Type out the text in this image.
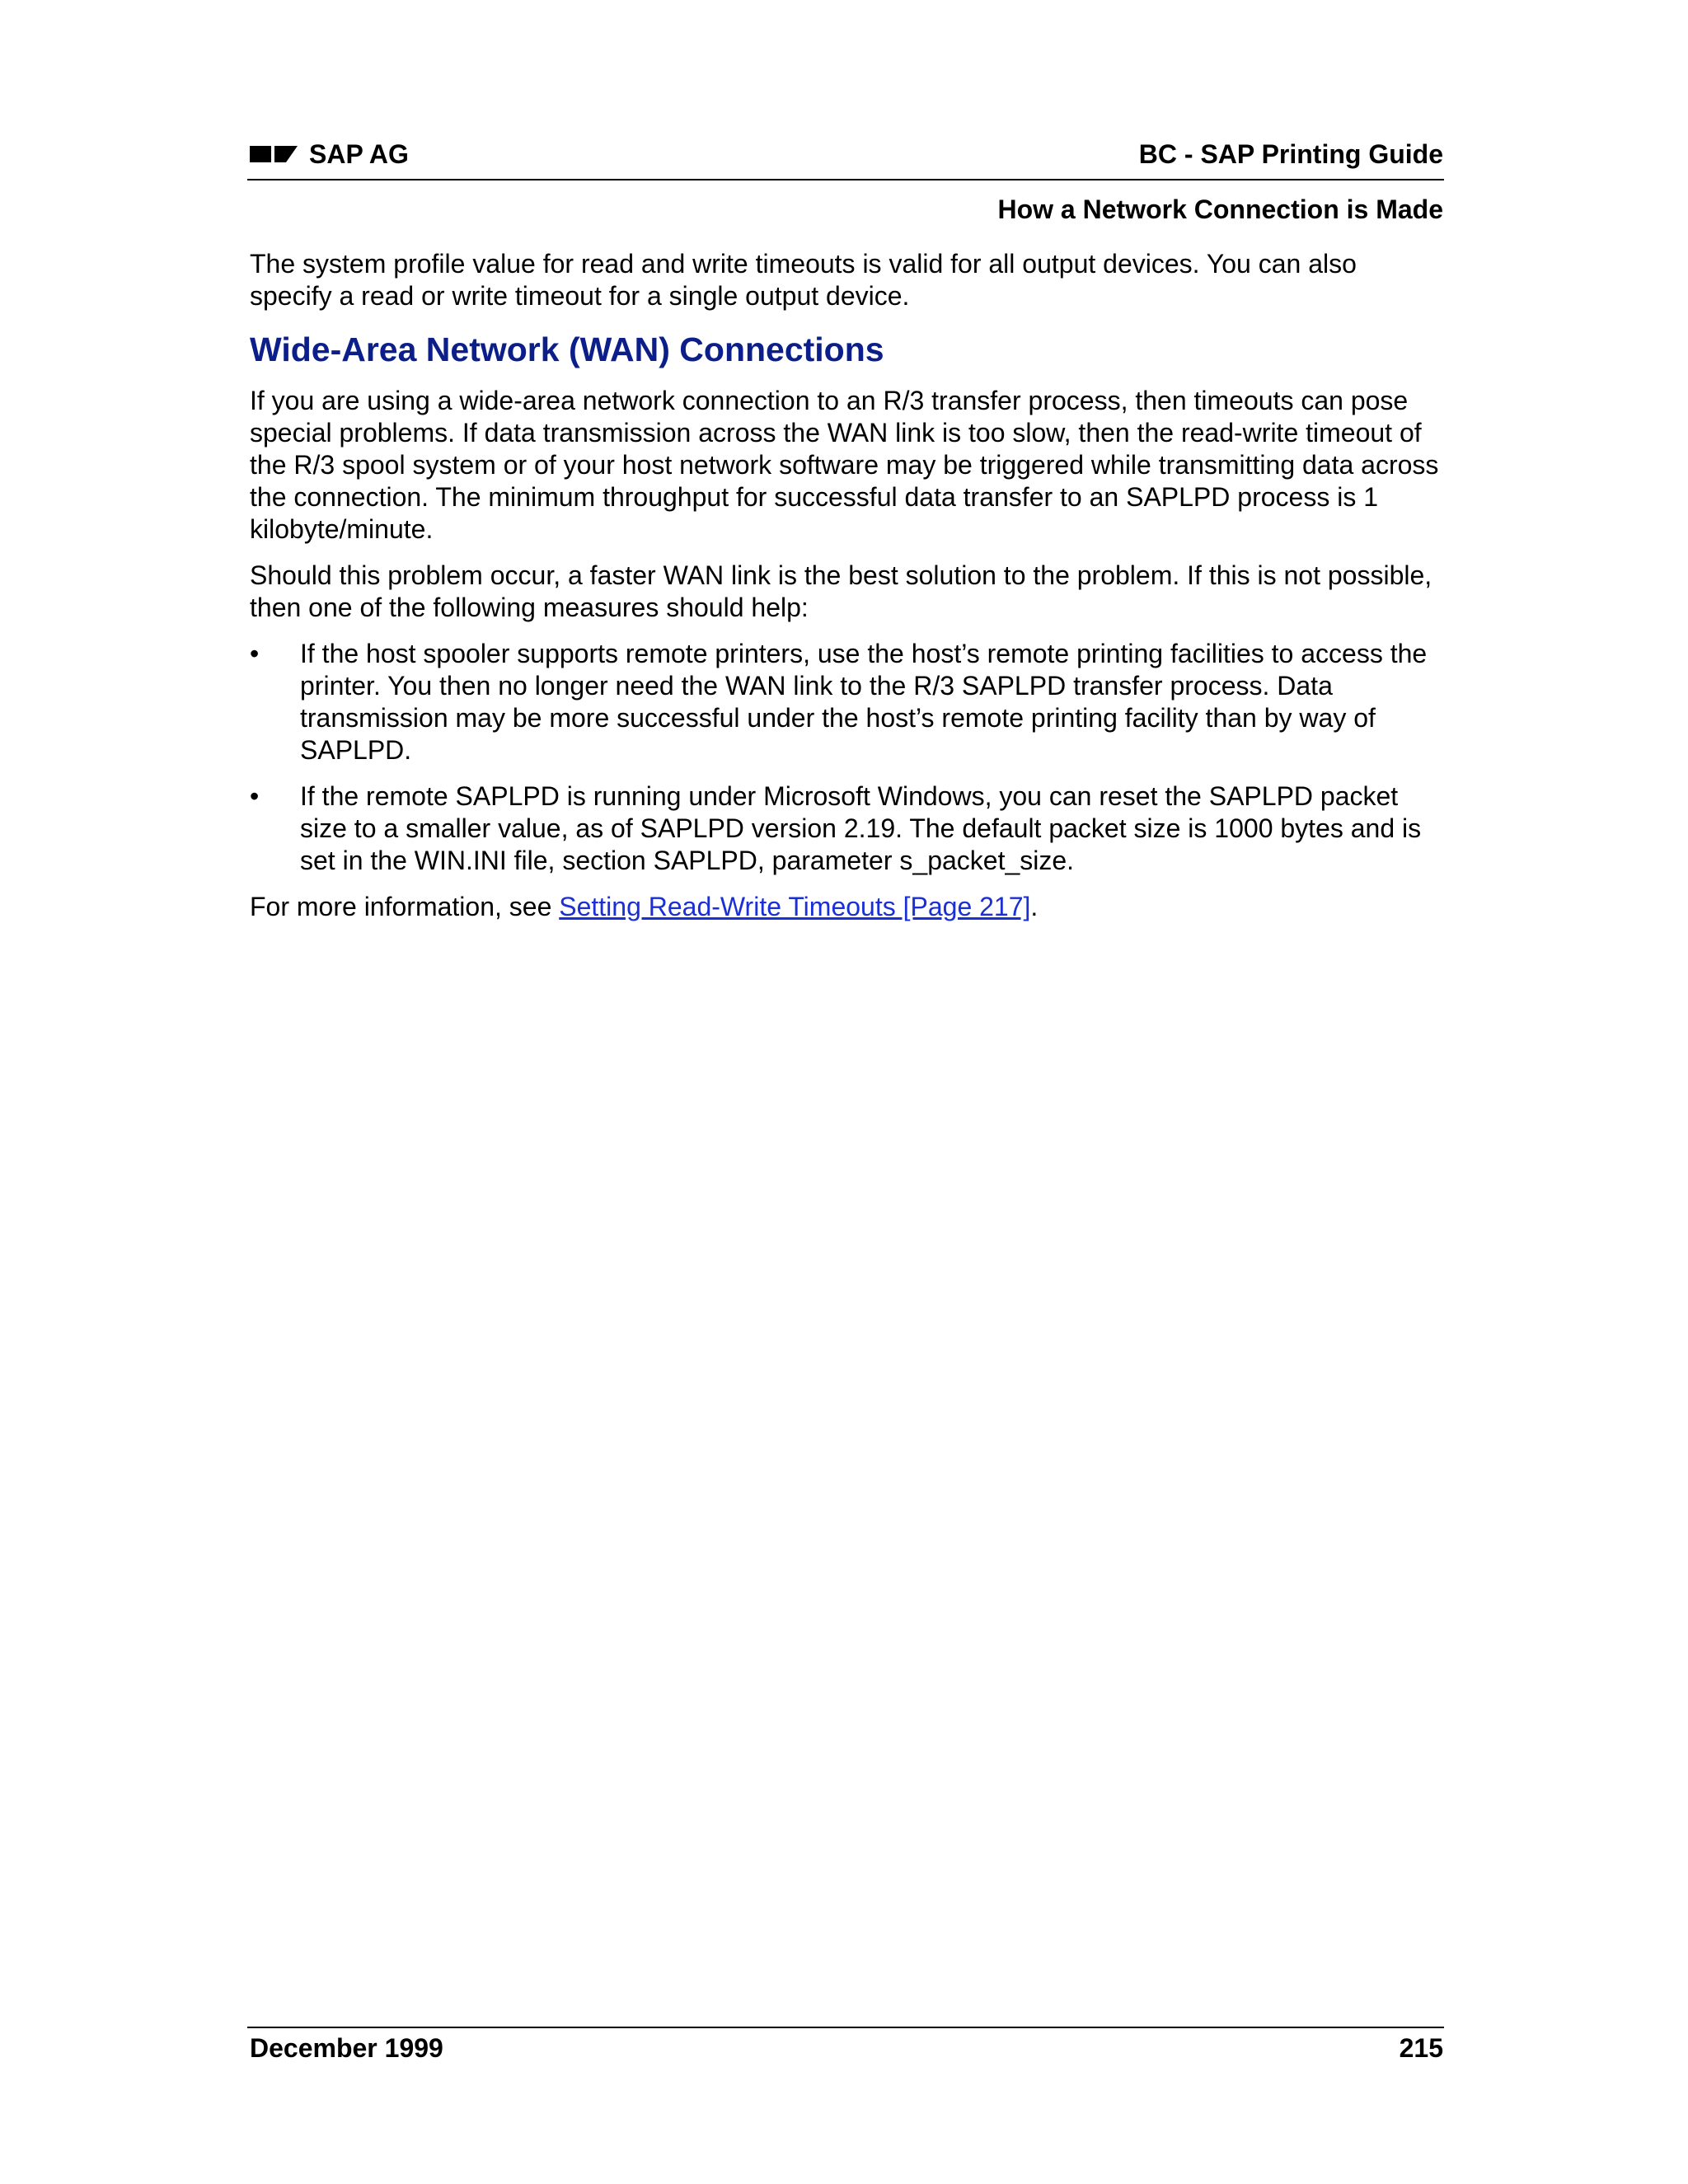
SAP AG	BC - SAP Printing Guide
How a Network Connection is Made

The system profile value for read and write timeouts is valid for all output devices. You can also specify a read or write timeout for a single output device.

Wide-Area Network (WAN) Connections

If you are using a wide-area network connection to an R/3 transfer process, then timeouts can pose special problems. If data transmission across the WAN link is too slow, then the read-write timeout of the R/3 spool system or of your host network software may be triggered while transmitting data across the connection. The minimum throughput for successful data transfer to an SAPLPD process is 1 kilobyte/minute.

Should this problem occur, a faster WAN link is the best solution to the problem. If this is not possible, then one of the following measures should help:

•	If the host spooler supports remote printers, use the host’s remote printing facilities to access the printer. You then no longer need the WAN link to the R/3 SAPLPD transfer process. Data transmission may be more successful under the host’s remote printing facility than by way of SAPLPD.
•	If the remote SAPLPD is running under Microsoft Windows, you can reset the SAPLPD packet size to a smaller value, as of SAPLPD version 2.19. The default packet size is 1000 bytes and is set in the WIN.INI file, section SAPLPD, parameter s_packet_size.

For more information, see Setting Read-Write Timeouts [Page 217].

December 1999	215
